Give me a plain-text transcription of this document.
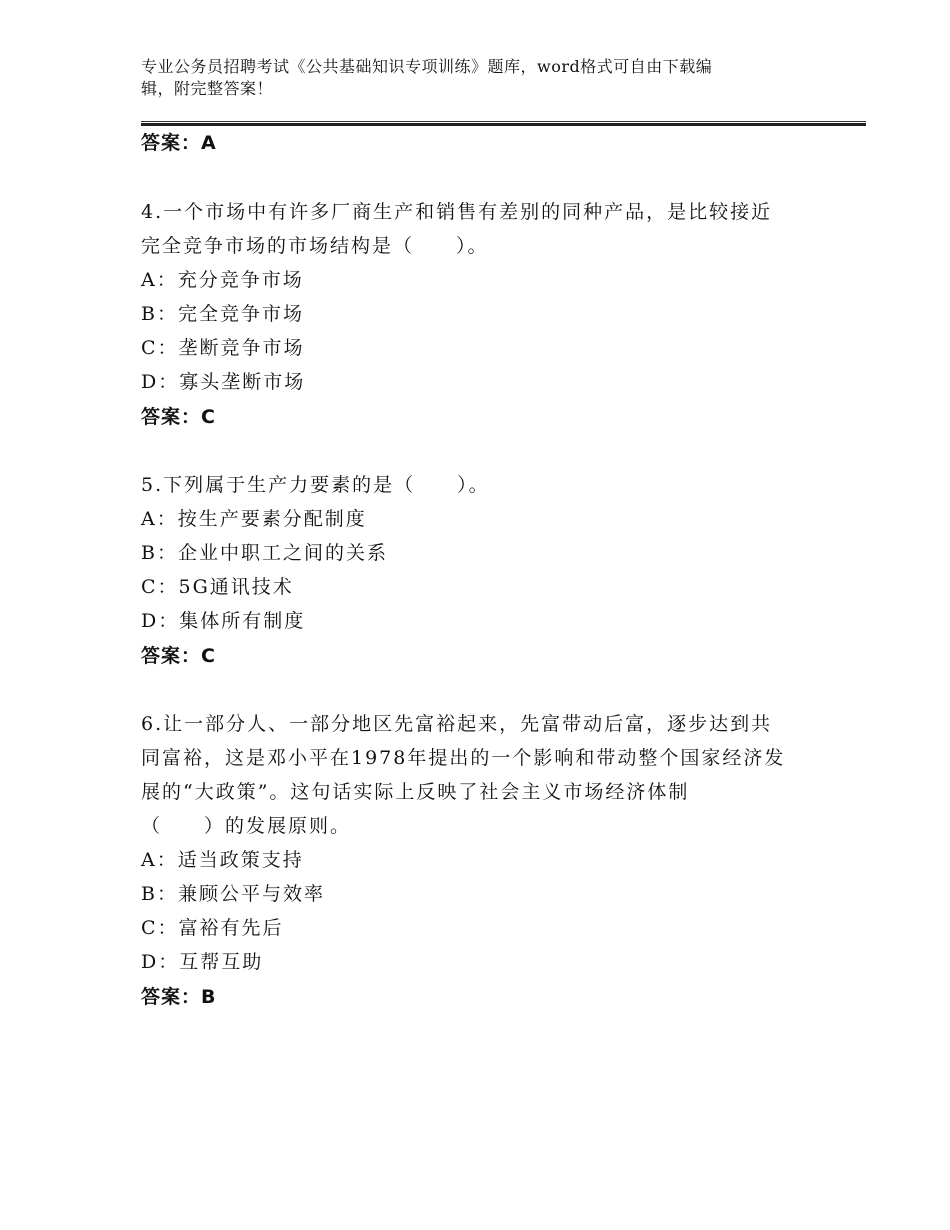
专业公务员招聘考试《公共基础知识专项训练》题库，word格式可自由下载编
辑，附完整答案！
答案：A
4.一个市场中有许多厂商生产和销售有差别的同种产品，是比较接近
完全竞争市场的市场结构是（　　）。
A：充分竞争市场
B：完全竞争市场
C：垄断竞争市场
D：寡头垄断市场
答案：C
5.下列属于生产力要素的是（　　）。
A：按生产要素分配制度
B：企业中职工之间的关系
C：5G通讯技术
D：集体所有制度
答案：C
6.让一部分人、一部分地区先富裕起来，先富带动后富，逐步达到共
同富裕，这是邓小平在1978年提出的一个影响和带动整个国家经济发
展的“大政策”。这句话实际上反映了社会主义市场经济体制
（　　）的发展原则。
A：适当政策支持
B：兼顾公平与效率
C：富裕有先后
D：互帮互助
答案：B
